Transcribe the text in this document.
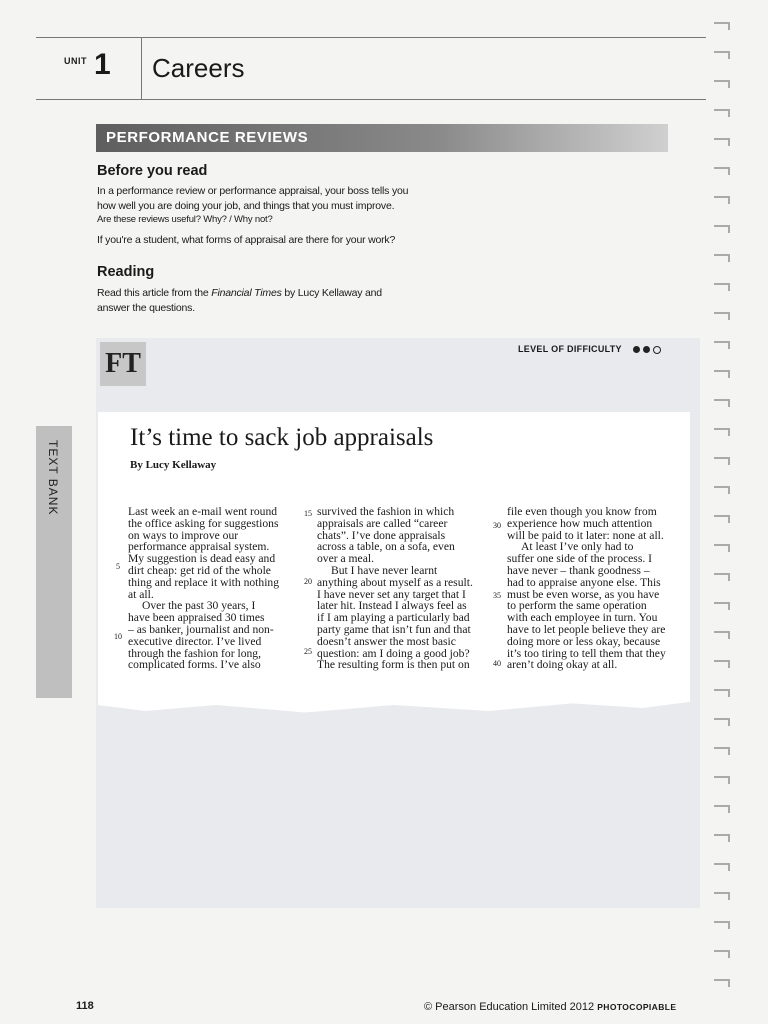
UNIT 1 Careers
PERFORMANCE REVIEWS
Before you read
In a performance review or performance appraisal, your boss tells you
how well you are doing your job, and things that you must improve.
Are these reviews useful? Why? / Why not?
If you're a student, what forms of appraisal are there for your work?
Reading
Read this article from the Financial Times by Lucy Kellaway and
answer the questions.
FT	LEVEL OF DIFFICULTY
TEXT BANK
It’s time to sack job appraisals
By Lucy Kellaway
Last week an e-mail went round
the office asking for suggestions
on ways to improve our
performance appraisal system.
My suggestion is dead easy and
dirt cheap: get rid of the whole
thing and replace it with nothing
at all.
Over the past 30 years, I
have been appraised 30 times
– as banker, journalist and non-
executive director. I’ve lived
through the fashion for long,
complicated forms. I’ve also
survived the fashion in which
appraisals are called “career
chats”. I’ve done appraisals
across a table, on a sofa, even
over a meal.
But I have never learnt
anything about myself as a result.
I have never set any target that I
later hit. Instead I always feel as
if I am playing a particularly bad
party game that isn’t fun and that
doesn’t answer the most basic
question: am I doing a good job?
The resulting form is then put on
file even though you know from
experience how much attention
will be paid to it later: none at all.
At least I’ve only had to
suffer one side of the process. I
have never – thank goodness –
had to appraise anyone else. This
must be even worse, as you have
to perform the same operation
with each employee in turn. You
have to let people believe they are
doing more or less okay, because
it’s too tiring to tell them that they
aren’t doing okay at all.
5
10
15
20
25
30
35
40
118	© Pearson Education Limited 2012 PHOTOCOPIABLE
